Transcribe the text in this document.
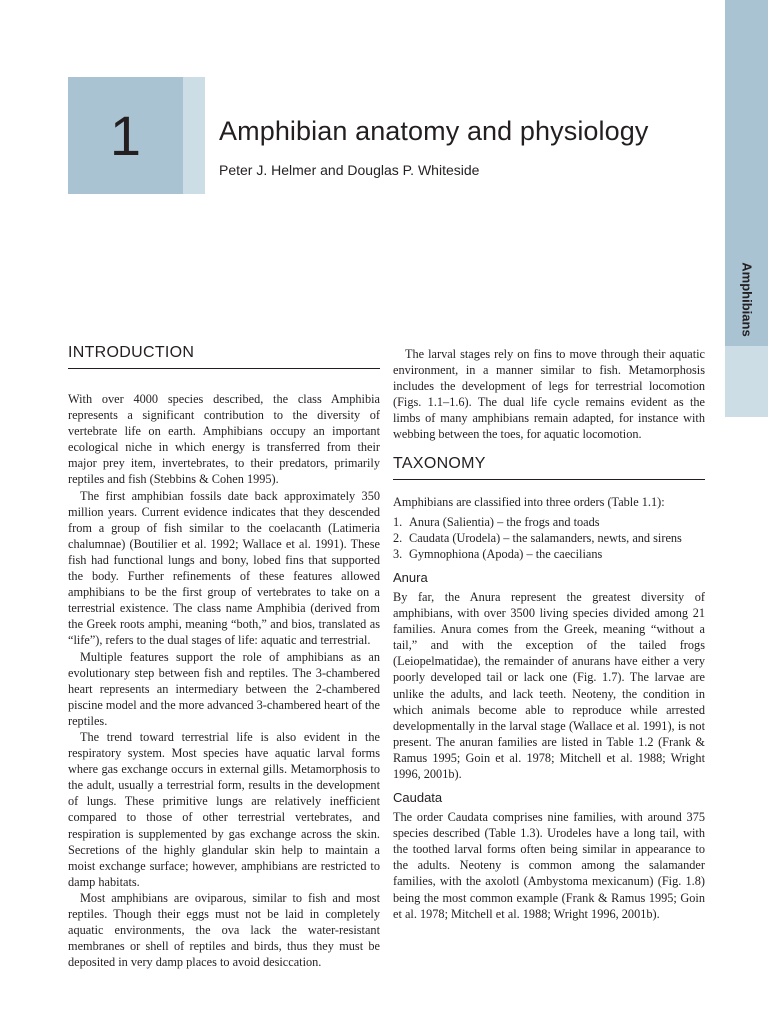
Amphibians
1	Amphibian anatomy and physiology
Peter J. Helmer and Douglas P. Whiteside
INTRODUCTION

With over 4000 species described, the class Amphibia represents a significant contribution to the diversity of vertebrate life on earth. Amphibians occupy an important ecological niche in which energy is transferred from their major prey item, invertebrates, to their predators, primarily reptiles and fish (Stebbins & Cohen 1995).

The first amphibian fossils date back approximately 350 million years. Current evidence indicates that they descended from a group of fish similar to the coelacanth (Latimeria chalumnae) (Boutilier et al. 1992; Wallace et al. 1991). These fish had functional lungs and bony, lobed fins that supported the body. Further refinements of these features allowed amphibians to be the first group of vertebrates to take on a terrestrial existence. The class name Amphibia (derived from the Greek roots amphi, meaning “both,” and bios, translated as “life”), refers to the dual stages of life: aquatic and terrestrial.

Multiple features support the role of amphibians as an evolutionary step between fish and reptiles. The 3-chambered heart represents an intermediary between the 2-chambered piscine model and the more advanced 3-chambered heart of the reptiles.

The trend toward terrestrial life is also evident in the respiratory system. Most species have aquatic larval forms where gas exchange occurs in external gills. Metamorphosis to the adult, usually a terrestrial form, results in the development of lungs. These primitive lungs are relatively inefficient compared to those of other terrestrial vertebrates, and respiration is supplemented by gas exchange across the skin. Secretions of the highly glandular skin help to maintain a moist exchange surface; however, amphibians are restricted to damp habitats.

Most amphibians are oviparous, similar to fish and most reptiles. Though their eggs must not be laid in completely aquatic environments, the ova lack the water-resistant membranes or shell of reptiles and birds, thus they must be deposited in very damp places to avoid desiccation.

The larval stages rely on fins to move through their aquatic environment, in a manner similar to fish. Metamorphosis includes the development of legs for terrestrial locomotion (Figs. 1.1–1.6). The dual life cycle remains evident as the limbs of many amphibians remain adapted, for instance with webbing between the toes, for aquatic locomotion.

TAXONOMY

Amphibians are classified into three orders (Table 1.1):

1. Anura (Salientia) – the frogs and toads
2. Caudata (Urodela) – the salamanders, newts, and sirens
3. Gymnophiona (Apoda) – the caecilians
Anura

By far, the Anura represent the greatest diversity of amphibians, with over 3500 living species divided among 21 families. Anura comes from the Greek, meaning “without a tail,” and with the exception of the tailed frogs (Leiopelmatidae), the remainder of anurans have either a very poorly developed tail or lack one (Fig. 1.7). The larvae are unlike the adults, and lack teeth. Neoteny, the condition in which animals become able to reproduce while arrested developmentally in the larval stage (Wallace et al. 1991), is not present. The anuran families are listed in Table 1.2 (Frank & Ramus 1995; Goin et al. 1978; Mitchell et al. 1988; Wright 1996, 2001b).

Caudata

The order Caudata comprises nine families, with around 375 species described (Table 1.3). Urodeles have a long tail, with the toothed larval forms often being similar in appearance to the adults. Neoteny is common among the salamander families, with the axolotl (Ambystoma mexicanum) (Fig. 1.8) being the most common example (Frank & Ramus 1995; Goin et al. 1978; Mitchell et al. 1988; Wright 1996, 2001b).
